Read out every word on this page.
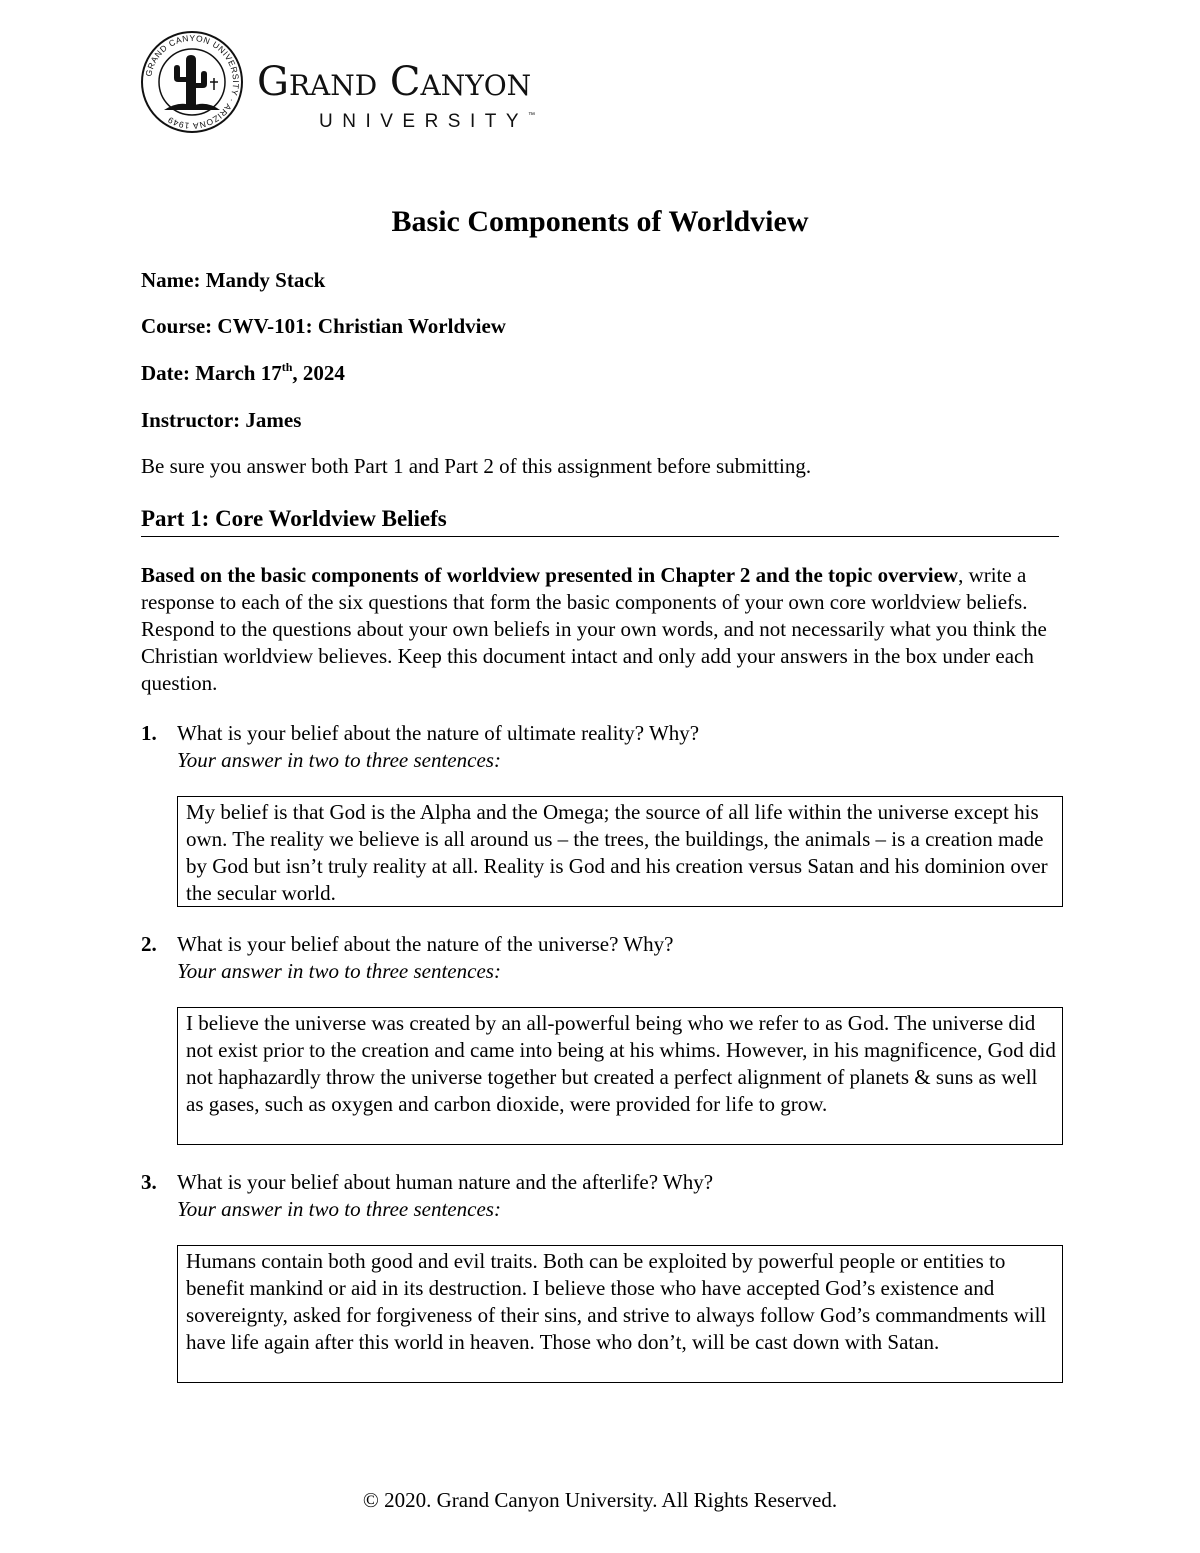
GRAND CANYON UNIVERSITY · ARIZONA 1949
Grand Canyon
UNIVERSITY™
Basic Components of Worldview
Name: Mandy Stack
Course: CWV-101: Christian Worldview
Date: March 17th, 2024
Instructor: James
Be sure you answer both Part 1 and Part 2 of this assignment before submitting.
Part 1: Core Worldview Beliefs
Based on the basic components of worldview presented in Chapter 2 and the topic overview, write a response to each of the six questions that form the basic components of your own core worldview beliefs. Respond to the questions about your own beliefs in your own words, and not necessarily what you think the Christian worldview believes. Keep this document intact and only add your answers in the box under each question.
1. What is your belief about the nature of ultimate reality? Why?
Your answer in two to three sentences:
My belief is that God is the Alpha and the Omega; the source of all life within the universe except his own. The reality we believe is all around us – the trees, the buildings, the animals – is a creation made by God but isn’t truly reality at all. Reality is God and his creation versus Satan and his dominion over the secular world.
2. What is your belief about the nature of the universe? Why?
Your answer in two to three sentences:
I believe the universe was created by an all-powerful being who we refer to as God. The universe did not exist prior to the creation and came into being at his whims. However, in his magnificence, God did not haphazardly throw the universe together but created a perfect alignment of planets & suns as well as gases, such as oxygen and carbon dioxide, were provided for life to grow.
3. What is your belief about human nature and the afterlife? Why?
Your answer in two to three sentences:
Humans contain both good and evil traits. Both can be exploited by powerful people or entities to benefit mankind or aid in its destruction. I believe those who have accepted God’s existence and sovereignty, asked for forgiveness of their sins, and strive to always follow God’s commandments will have life again after this world in heaven. Those who don’t, will be cast down with Satan.
© 2020. Grand Canyon University. All Rights Reserved.
